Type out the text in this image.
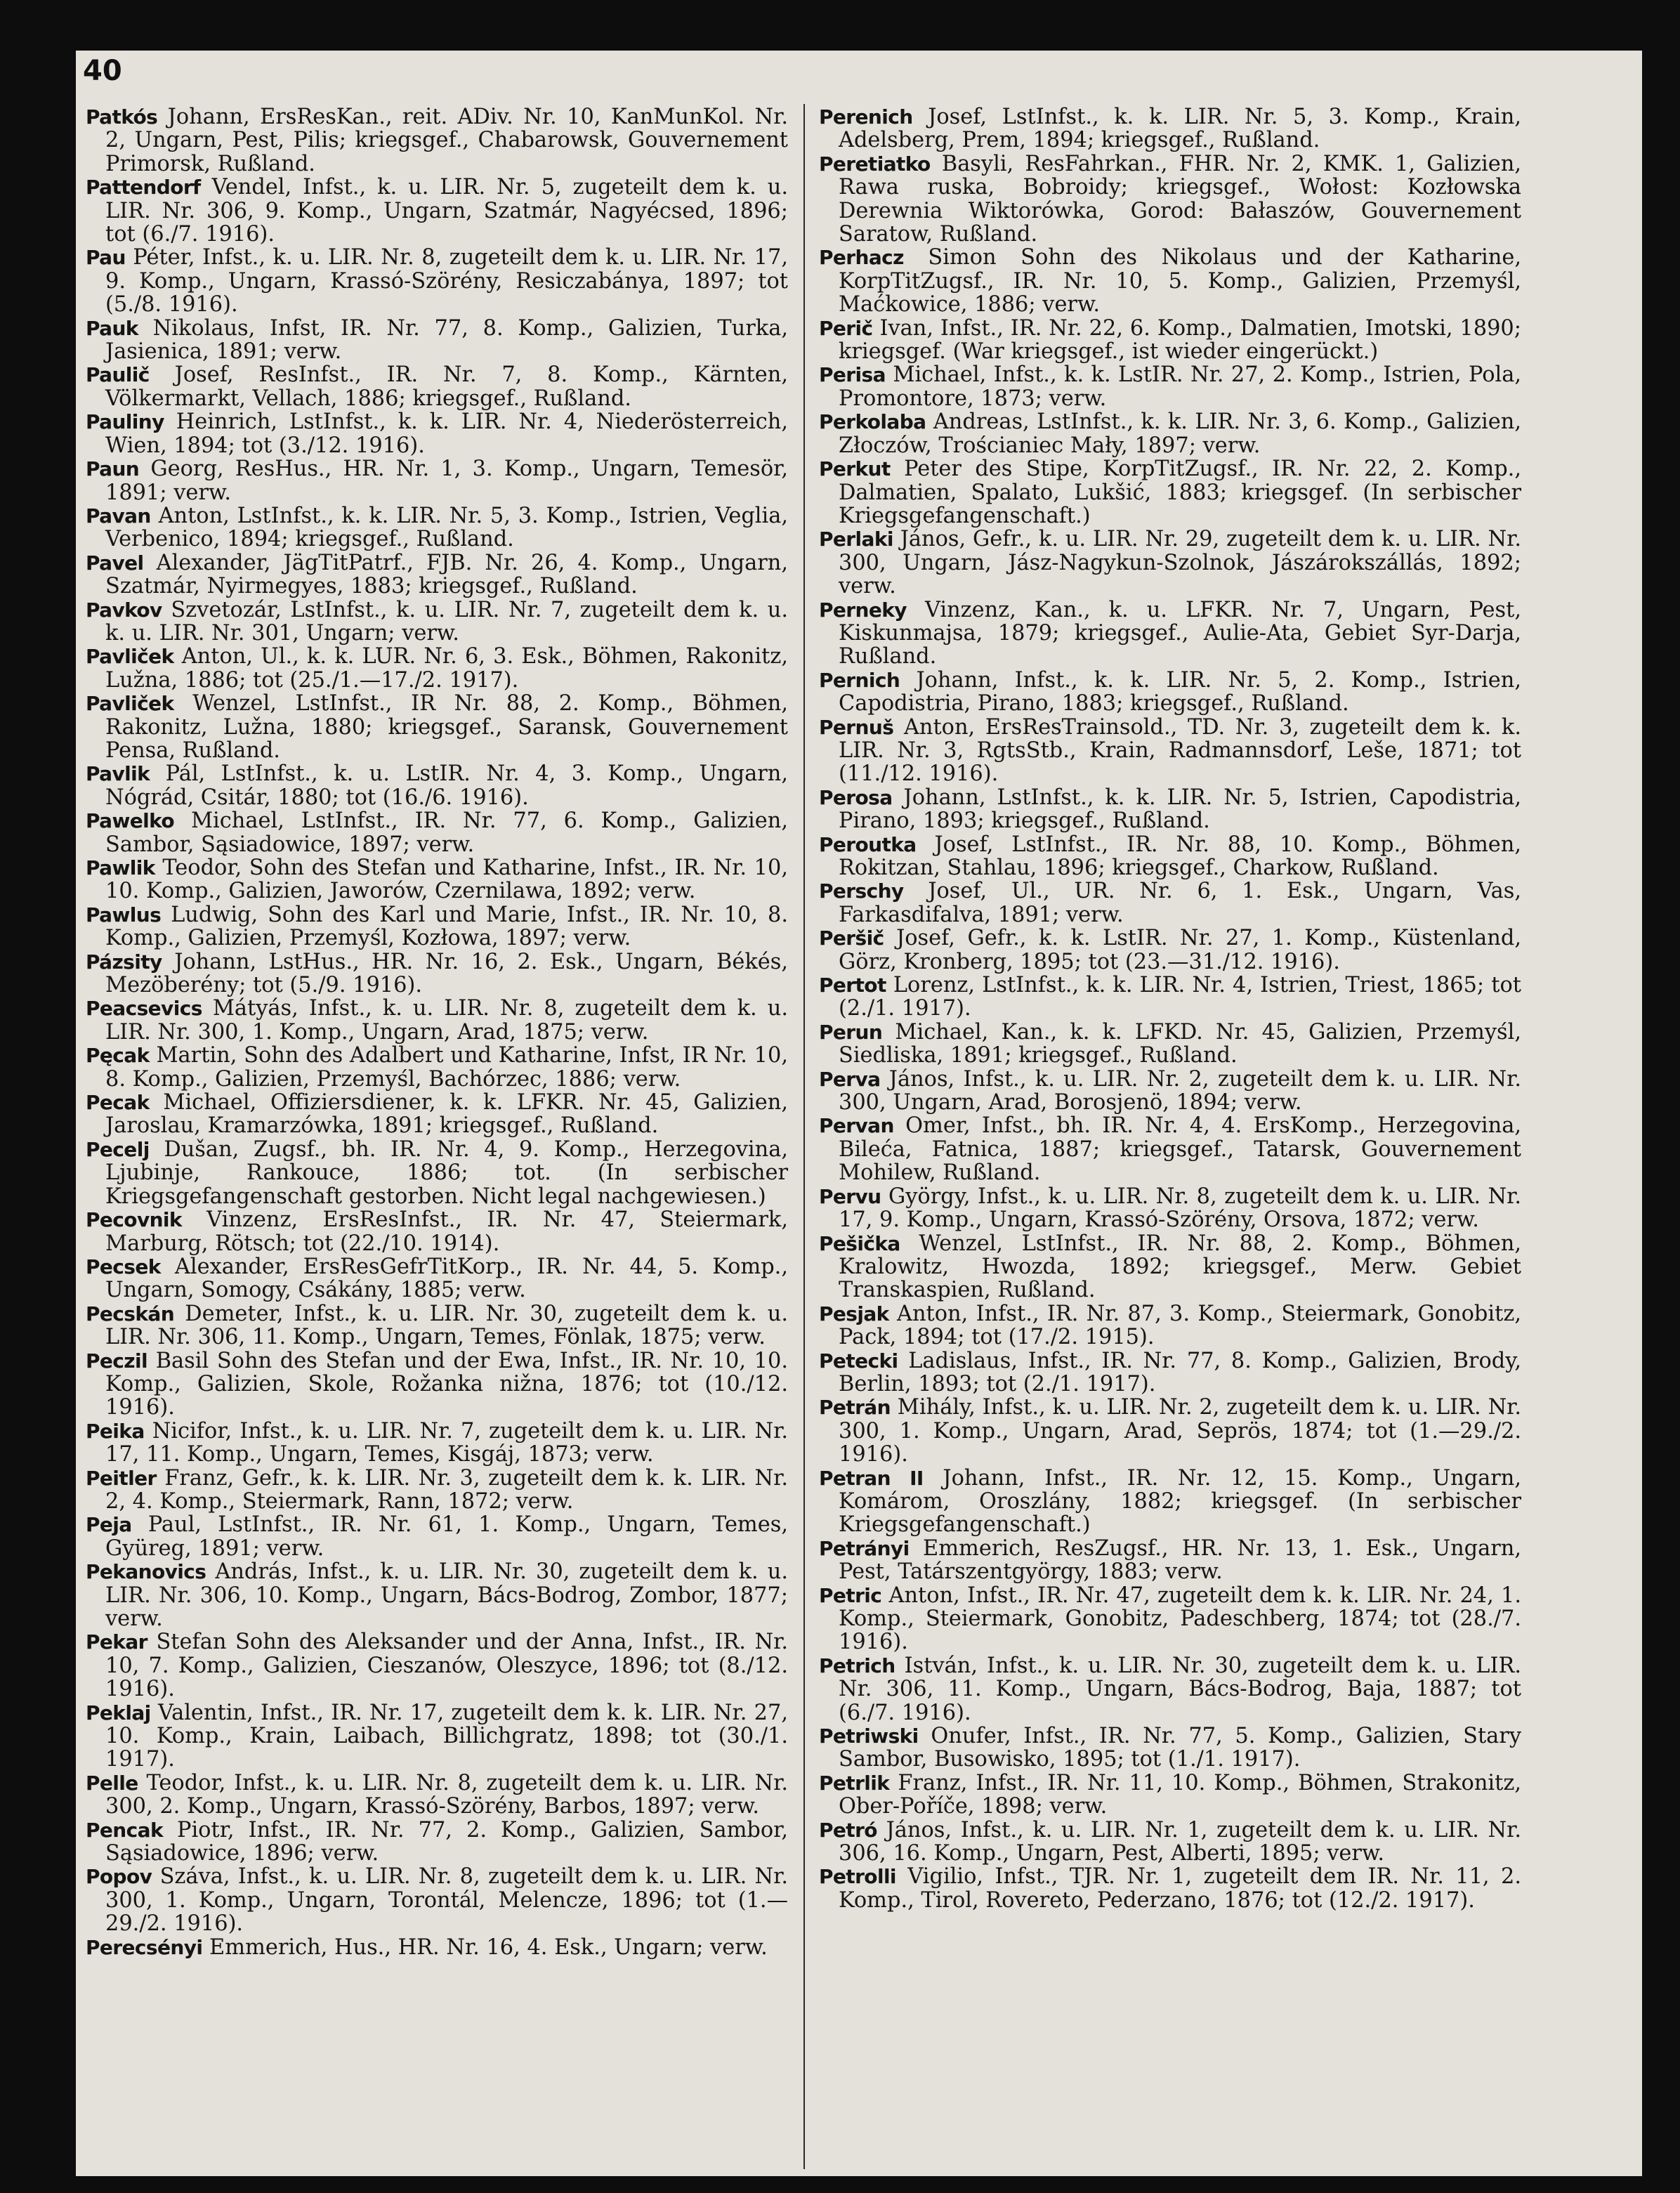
40

Patkós Johann, ErsResKan., reit. ADiv. Nr. 10, KanMunKol. Nr. 2, Ungarn, Pest, Pilis; kriegsgef., Chabarowsk, Gouvernement Primorsk, Rußland.

Pattendorf Vendel, Infst., k. u. LIR. Nr. 5, zugeteilt dem k. u. LIR. Nr. 306, 9. Komp., Ungarn, Szatmár, Nagyécsed, 1896; tot (6./7. 1916).

Pau Péter, Infst., k. u. LIR. Nr. 8, zugeteilt dem k. u. LIR. Nr. 17, 9. Komp., Ungarn, Krassó-Szörény, Resiczabánya, 1897; tot (5./8. 1916).

Pauk Nikolaus, Infst, IR. Nr. 77, 8. Komp., Galizien, Turka, Jasienica, 1891; verw.

Paulič Josef, ResInfst., IR. Nr. 7, 8. Komp., Kärnten, Völkermarkt, Vellach, 1886; kriegsgef., Rußland.

Pauliny Heinrich, LstInfst., k. k. LIR. Nr. 4, Niederösterreich, Wien, 1894; tot (3./12. 1916).

Paun Georg, ResHus., HR. Nr. 1, 3. Komp., Ungarn, Temesör, 1891; verw.

Pavan Anton, LstInfst., k. k. LIR. Nr. 5, 3. Komp., Istrien, Veglia, Verbenico, 1894; kriegsgef., Rußland.

Pavel Alexander, JägTitPatrf., FJB. Nr. 26, 4. Komp., Ungarn, Szatmár, Nyirmegyes, 1883; kriegsgef., Rußland.

Pavkov Szvetozár, LstInfst., k. u. LIR. Nr. 7, zugeteilt dem k. u. k. u. LIR. Nr. 301, Ungarn; verw.

Pavliček Anton, Ul., k. k. LUR. Nr. 6, 3. Esk., Böhmen, Rakonitz, Lužna, 1886; tot (25./1.—17./2. 1917).

Pavliček Wenzel, LstInfst., IR Nr. 88, 2. Komp., Böhmen, Rakonitz, Lužna, 1880; kriegsgef., Saransk, Gouvernement Pensa, Rußland.

Pavlik Pál, LstInfst., k. u. LstIR. Nr. 4, 3. Komp., Ungarn, Nógrád, Csitár, 1880; tot (16./6. 1916).

Pawelko Michael, LstInfst., IR. Nr. 77, 6. Komp., Galizien, Sambor, Sąsiadowice, 1897; verw.

Pawlik Teodor, Sohn des Stefan und Katharine, Infst., IR. Nr. 10, 10. Komp., Galizien, Jaworów, Czernilawa, 1892; verw.

Pawlus Ludwig, Sohn des Karl und Marie, Infst., IR. Nr. 10, 8. Komp., Galizien, Przemyśl, Kozłowa, 1897; verw.

Pázsity Johann, LstHus., HR. Nr. 16, 2. Esk., Ungarn, Békés, Mezöberény; tot (5./9. 1916).

Peacsevics Mátyás, Infst., k. u. LIR. Nr. 8, zugeteilt dem k. u. LIR. Nr. 300, 1. Komp., Ungarn, Arad, 1875; verw.

Pęcak Martin, Sohn des Adalbert und Katharine, Infst, IR Nr. 10, 8. Komp., Galizien, Przemyśl, Bachórzec, 1886; verw.

Pecak Michael, Offiziersdiener, k. k. LFKR. Nr. 45, Galizien, Jaroslau, Kramarzówka, 1891; kriegsgef., Rußland.

Pecelj Dušan, Zugsf., bh. IR. Nr. 4, 9. Komp., Herzegovina, Ljubinje, Rankouce, 1886; tot. (In serbischer Kriegsgefangenschaft gestorben. Nicht legal nachgewiesen.)

Pecovnik Vinzenz, ErsResInfst., IR. Nr. 47, Steiermark, Marburg, Rötsch; tot (22./10. 1914).

Pecsek Alexander, ErsResGefrTitKorp., IR. Nr. 44, 5. Komp., Ungarn, Somogy, Csákány, 1885; verw.

Pecskán Demeter, Infst., k. u. LIR. Nr. 30, zugeteilt dem k. u. LIR. Nr. 306, 11. Komp., Ungarn, Temes, Fönlak, 1875; verw.

Peczil Basil Sohn des Stefan und der Ewa, Infst., IR. Nr. 10, 10. Komp., Galizien, Skole, Rožanka nižna, 1876; tot (10./12. 1916).

Peika Nicifor, Infst., k. u. LIR. Nr. 7, zugeteilt dem k. u. LIR. Nr. 17, 11. Komp., Ungarn, Temes, Kisgáj, 1873; verw.

Peitler Franz, Gefr., k. k. LIR. Nr. 3, zugeteilt dem k. k. LIR. Nr. 2, 4. Komp., Steiermark, Rann, 1872; verw.

Peja Paul, LstInfst., IR. Nr. 61, 1. Komp., Ungarn, Temes, Gyüreg, 1891; verw.

Pekanovics András, Infst., k. u. LIR. Nr. 30, zugeteilt dem k. u. LIR. Nr. 306, 10. Komp., Ungarn, Bács-Bodrog, Zombor, 1877; verw.

Pekar Stefan Sohn des Aleksander und der Anna, Infst., IR. Nr. 10, 7. Komp., Galizien, Cieszanów, Oleszyce, 1896; tot (8./12. 1916).

Peklaj Valentin, Infst., IR. Nr. 17, zugeteilt dem k. k. LIR. Nr. 27, 10. Komp., Krain, Laibach, Billichgratz, 1898; tot (30./1. 1917).

Pelle Teodor, Infst., k. u. LIR. Nr. 8, zugeteilt dem k. u. LIR. Nr. 300, 2. Komp., Ungarn, Krassó-Szörény, Barbos, 1897; verw.

Pencak Piotr, Infst., IR. Nr. 77, 2. Komp., Galizien, Sambor, Sąsiadowice, 1896; verw.

Popov Száva, Infst., k. u. LIR. Nr. 8, zugeteilt dem k. u. LIR. Nr. 300, 1. Komp., Ungarn, Torontál, Melencze, 1896; tot (1.—29./2. 1916).

Perecsényi Emmerich, Hus., HR. Nr. 16, 4. Esk., Ungarn; verw.

Perenich Josef, LstInfst., k. k. LIR. Nr. 5, 3. Komp., Krain, Adelsberg, Prem, 1894; kriegsgef., Rußland.

Peretiatko Basyli, ResFahrkan., FHR. Nr. 2, KMK. 1, Galizien, Rawa ruska, Bobroidy; kriegsgef., Wołost: Kozłowska Derewnia Wiktorówka, Gorod: Bałaszów, Gouvernement Saratow, Rußland.

Perhacz Simon Sohn des Nikolaus und der Katharine, KorpTitZugsf., IR. Nr. 10, 5. Komp., Galizien, Przemyśl, Maćkowice, 1886; verw.

Perič Ivan, Infst., IR. Nr. 22, 6. Komp., Dalmatien, Imotski, 1890; kriegsgef. (War kriegsgef., ist wieder eingerückt.)

Perisa Michael, Infst., k. k. LstIR. Nr. 27, 2. Komp., Istrien, Pola, Promontore, 1873; verw.

Perkolaba Andreas, LstInfst., k. k. LIR. Nr. 3, 6. Komp., Galizien, Złoczów, Trościaniec Mały, 1897; verw.

Perkut Peter des Stipe, KorpTitZugsf., IR. Nr. 22, 2. Komp., Dalmatien, Spalato, Lukšić, 1883; kriegsgef. (In serbischer Kriegsgefangenschaft.)

Perlaki János, Gefr., k. u. LIR. Nr. 29, zugeteilt dem k. u. LIR. Nr. 300, Ungarn, Jász-Nagykun-Szolnok, Jászárokszállás, 1892; verw.

Perneky Vinzenz, Kan., k. u. LFKR. Nr. 7, Ungarn, Pest, Kiskunmajsa, 1879; kriegsgef., Aulie-Ata, Gebiet Syr-Darja, Rußland.

Pernich Johann, Infst., k. k. LIR. Nr. 5, 2. Komp., Istrien, Capodistria, Pirano, 1883; kriegsgef., Rußland.

Pernuš Anton, ErsResTrainsold., TD. Nr. 3, zugeteilt dem k. k. LIR. Nr. 3, RgtsStb., Krain, Radmannsdorf, Leše, 1871; tot (11./12. 1916).

Perosa Johann, LstInfst., k. k. LIR. Nr. 5, Istrien, Capodistria, Pirano, 1893; kriegsgef., Rußland.

Peroutka Josef, LstInfst., IR. Nr. 88, 10. Komp., Böhmen, Rokitzan, Stahlau, 1896; kriegsgef., Charkow, Rußland.

Perschy Josef, Ul., UR. Nr. 6, 1. Esk., Ungarn, Vas, Farkasdifalva, 1891; verw.

Peršič Josef, Gefr., k. k. LstIR. Nr. 27, 1. Komp., Küstenland, Görz, Kronberg, 1895; tot (23.—31./12. 1916).

Pertot Lorenz, LstInfst., k. k. LIR. Nr. 4, Istrien, Triest, 1865; tot (2./1. 1917).

Perun Michael, Kan., k. k. LFKD. Nr. 45, Galizien, Przemyśl, Siedliska, 1891; kriegsgef., Rußland.

Perva János, Infst., k. u. LIR. Nr. 2, zugeteilt dem k. u. LIR. Nr. 300, Ungarn, Arad, Borosjenö, 1894; verw.

Pervan Omer, Infst., bh. IR. Nr. 4, 4. ErsKomp., Herzegovina, Bileća, Fatnica, 1887; kriegsgef., Tatarsk, Gouvernement Mohilew, Rußland.

Pervu György, Infst., k. u. LIR. Nr. 8, zugeteilt dem k. u. LIR. Nr. 17, 9. Komp., Ungarn, Krassó-Szörény, Orsova, 1872; verw.

Pešička Wenzel, LstInfst., IR. Nr. 88, 2. Komp., Böhmen, Kralowitz, Hwozda, 1892; kriegsgef., Merw. Gebiet Transkaspien, Rußland.

Pesjak Anton, Infst., IR. Nr. 87, 3. Komp., Steiermark, Gonobitz, Pack, 1894; tot (17./2. 1915).

Petecki Ladislaus, Infst., IR. Nr. 77, 8. Komp., Galizien, Brody, Berlin, 1893; tot (2./1. 1917).

Petrán Mihály, Infst., k. u. LIR. Nr. 2, zugeteilt dem k. u. LIR. Nr. 300, 1. Komp., Ungarn, Arad, Seprös, 1874; tot (1.—29./2. 1916).

Petran II Johann, Infst., IR. Nr. 12, 15. Komp., Ungarn, Komárom, Oroszlány, 1882; kriegsgef. (In serbischer Kriegsgefangenschaft.)

Petrányi Emmerich, ResZugsf., HR. Nr. 13, 1. Esk., Ungarn, Pest, Tatárszentgyörgy, 1883; verw.

Petric Anton, Infst., IR. Nr. 47, zugeteilt dem k. k. LIR. Nr. 24, 1. Komp., Steiermark, Gonobitz, Padeschberg, 1874; tot (28./7. 1916).

Petrich István, Infst., k. u. LIR. Nr. 30, zugeteilt dem k. u. LIR. Nr. 306, 11. Komp., Ungarn, Bács-Bodrog, Baja, 1887; tot (6./7. 1916).

Petriwski Onufer, Infst., IR. Nr. 77, 5. Komp., Galizien, Stary Sambor, Busowisko, 1895; tot (1./1. 1917).

Petrlik Franz, Infst., IR. Nr. 11, 10. Komp., Böhmen, Strakonitz, Ober-Poříče, 1898; verw.

Petró János, Infst., k. u. LIR. Nr. 1, zugeteilt dem k. u. LIR. Nr. 306, 16. Komp., Ungarn, Pest, Alberti, 1895; verw.

Petrolli Vigilio, Infst., TJR. Nr. 1, zugeteilt dem IR. Nr. 11, 2. Komp., Tirol, Rovereto, Pederzano, 1876; tot (12./2. 1917).
